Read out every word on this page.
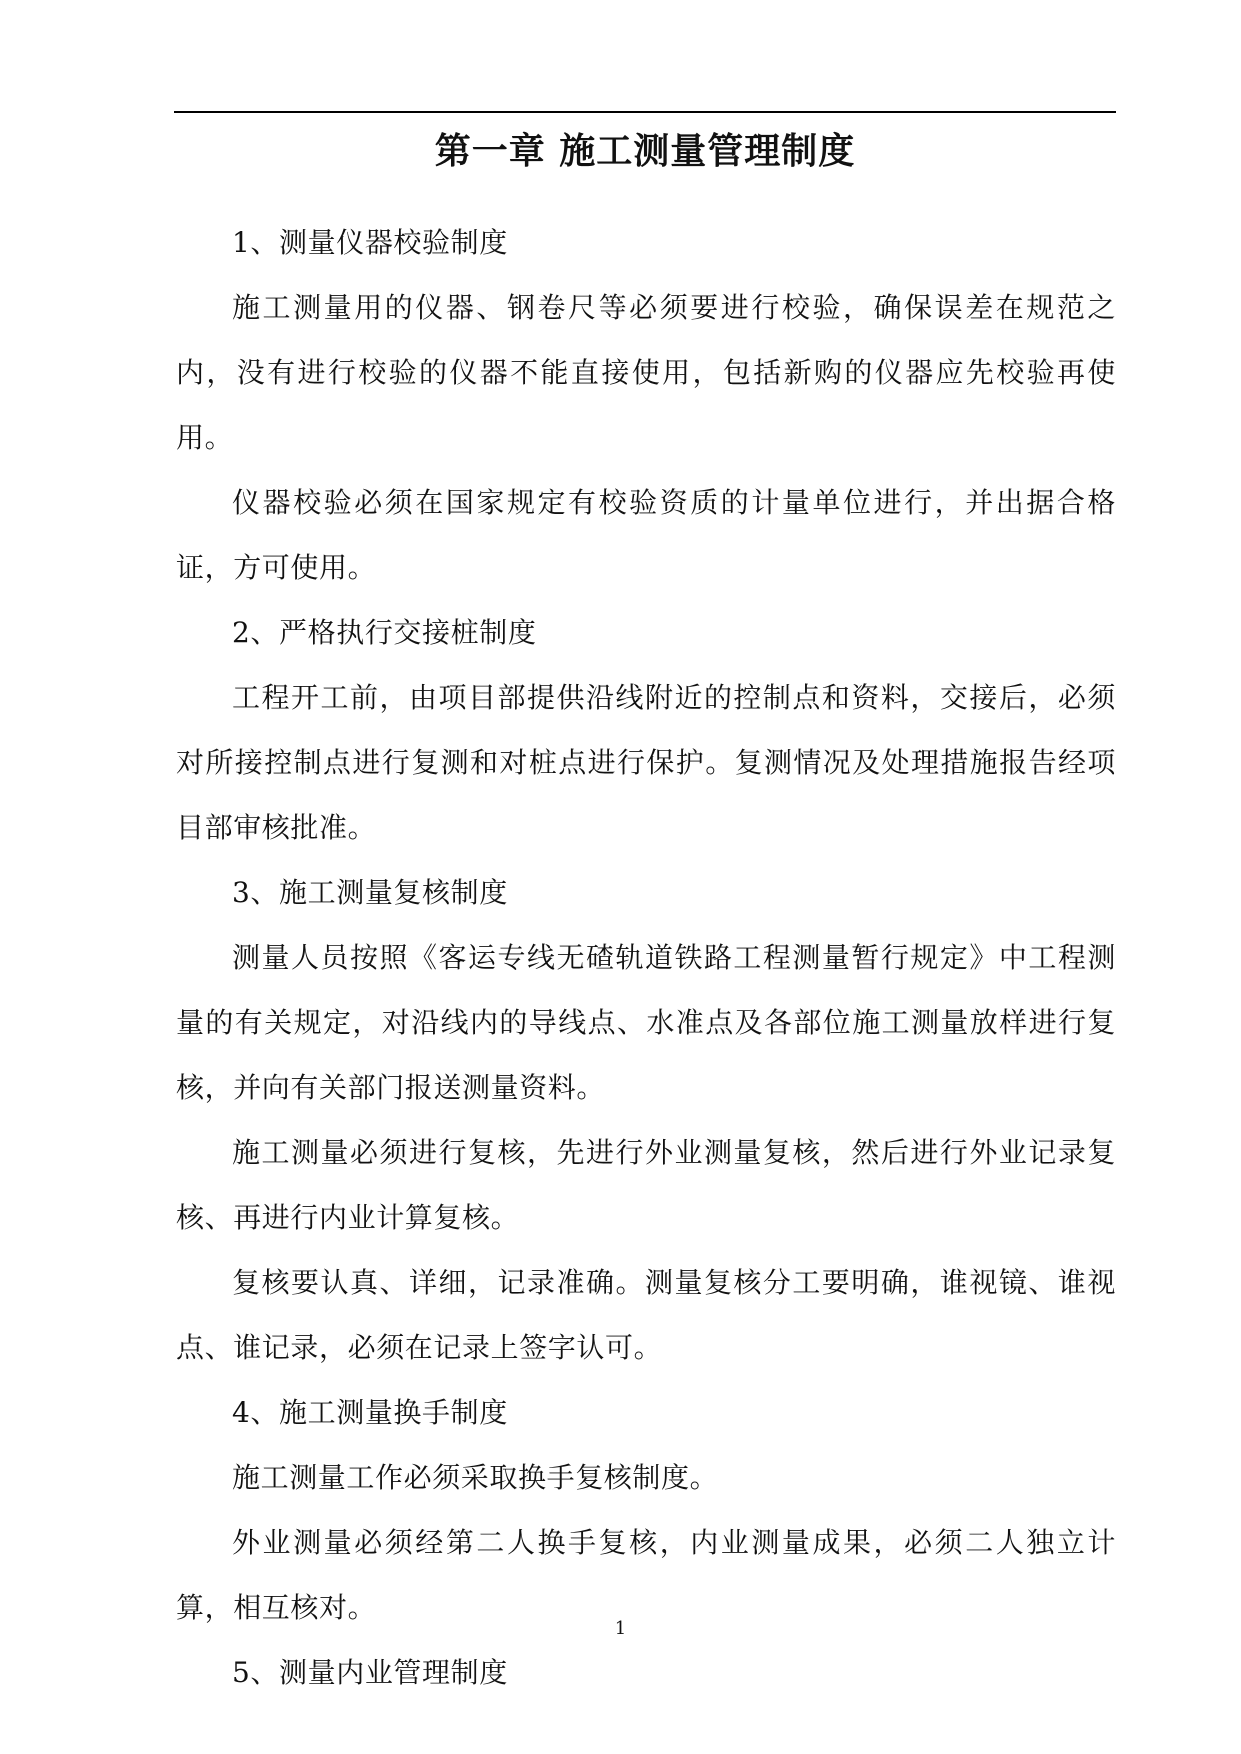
第一章 施工测量管理制度

1、测量仪器校验制度

施工测量用的仪器、钢卷尺等必须要进行校验，确保误差在规范之内，没有进行校验的仪器不能直接使用，包括新购的仪器应先校验再使用。

仪器校验必须在国家规定有校验资质的计量单位进行，并出据合格证，方可使用。

2、严格执行交接桩制度

工程开工前，由项目部提供沿线附近的控制点和资料，交接后，必须对所接控制点进行复测和对桩点进行保护。复测情况及处理措施报告经项目部审核批准。

3、施工测量复核制度

测量人员按照《客运专线无碴轨道铁路工程测量暂行规定》中工程测量的有关规定，对沿线内的导线点、水准点及各部位施工测量放样进行复核，并向有关部门报送测量资料。

施工测量必须进行复核，先进行外业测量复核，然后进行外业记录复核、再进行内业计算复核。

复核要认真、详细，记录准确。测量复核分工要明确，谁视镜、谁视点、谁记录，必须在记录上签字认可。

4、施工测量换手制度

施工测量工作必须采取换手复核制度。

外业测量必须经第二人换手复核，内业测量成果，必须二人独立计算，相互核对。

5、测量内业管理制度

1
